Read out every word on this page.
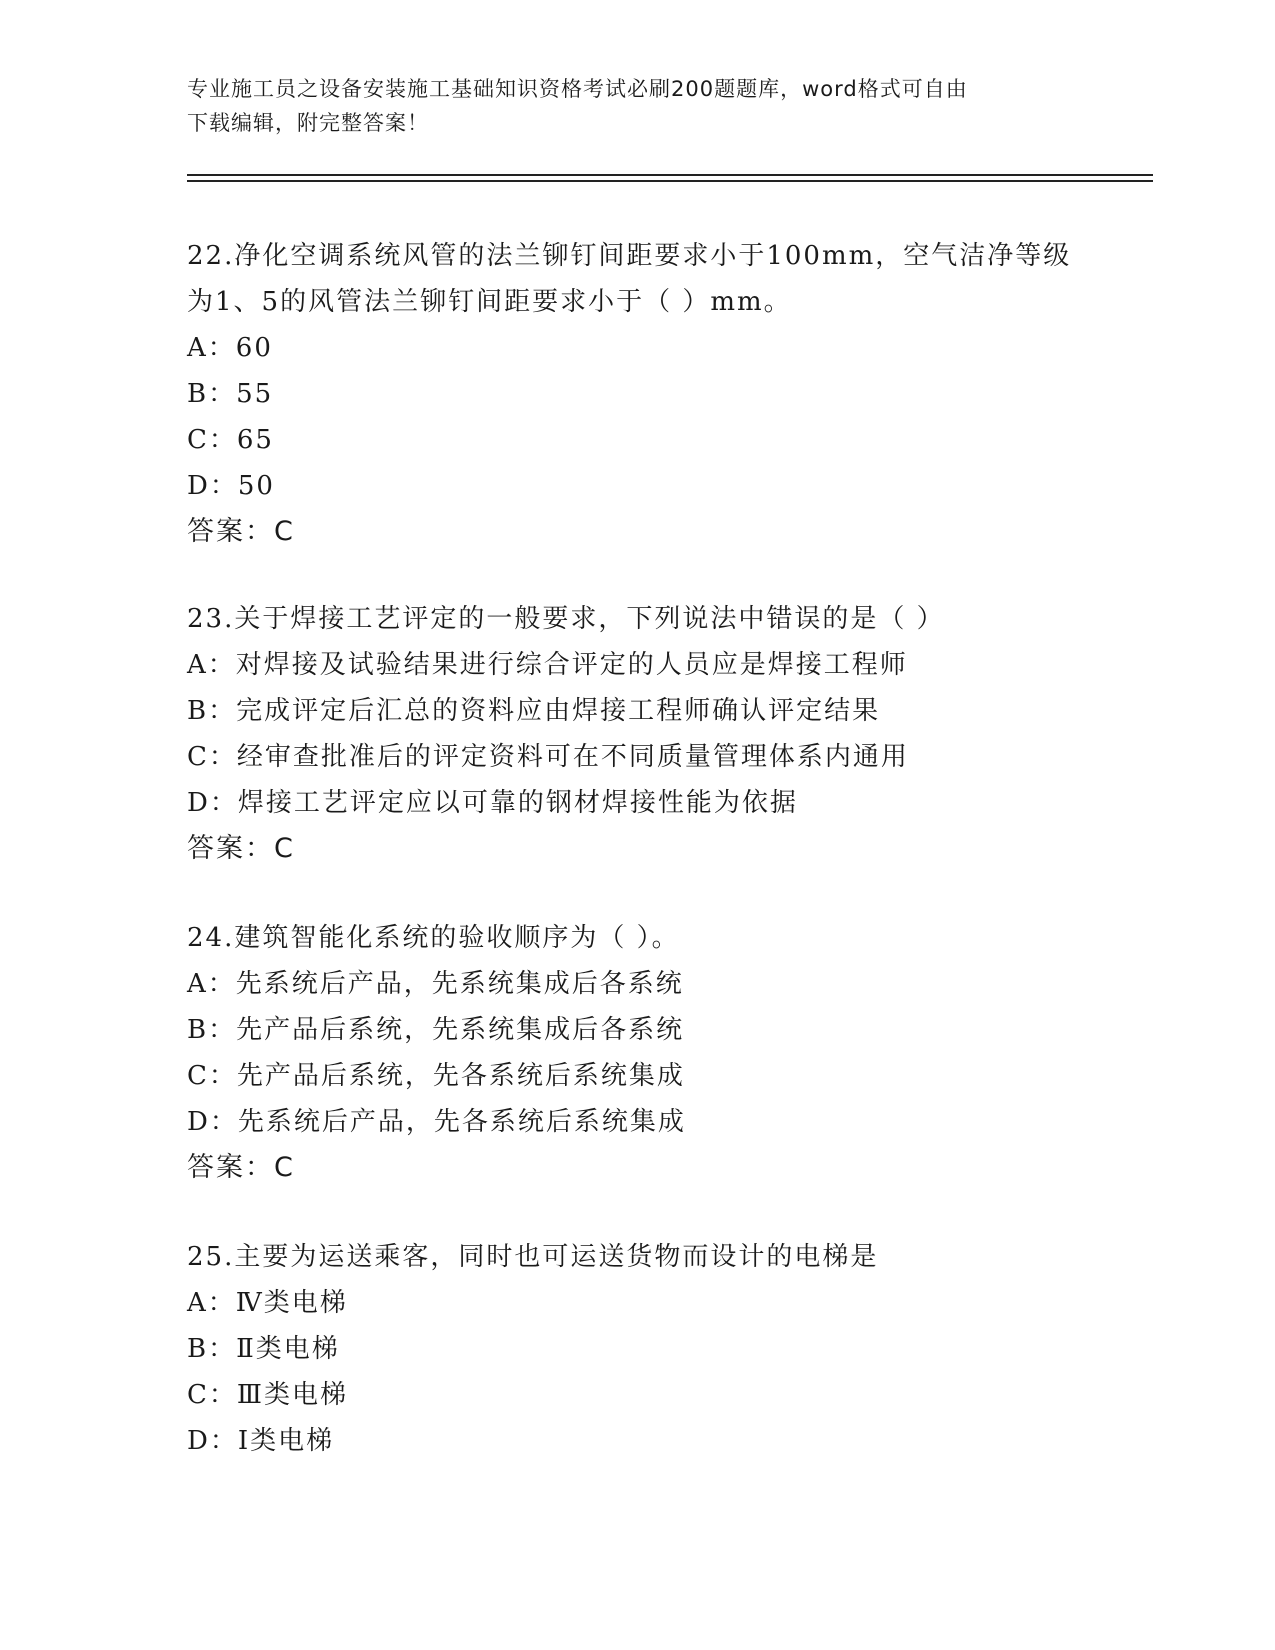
专业施工员之设备安装施工基础知识资格考试必刷200题题库，word格式可自由
下载编辑，附完整答案！
22.净化空调系统风管的法兰铆钉间距要求小于100mm，空气洁净等级
为1、5的风管法兰铆钉间距要求小于（ ）mm。
A：60
B：55
C：65
D：50
答案：C
23.关于焊接工艺评定的一般要求，下列说法中错误的是（ ）
A：对焊接及试验结果进行综合评定的人员应是焊接工程师
B：完成评定后汇总的资料应由焊接工程师确认评定结果
C：经审查批准后的评定资料可在不同质量管理体系内通用
D：焊接工艺评定应以可靠的钢材焊接性能为依据
答案：C
24.建筑智能化系统的验收顺序为（ ）。
A：先系统后产品，先系统集成后各系统
B：先产品后系统，先系统集成后各系统
C：先产品后系统，先各系统后系统集成
D：先系统后产品，先各系统后系统集成
答案：C
25.主要为运送乘客，同时也可运送货物而设计的电梯是
A：Ⅳ类电梯
B：Ⅱ类电梯
C：Ⅲ类电梯
D：Ⅰ类电梯
